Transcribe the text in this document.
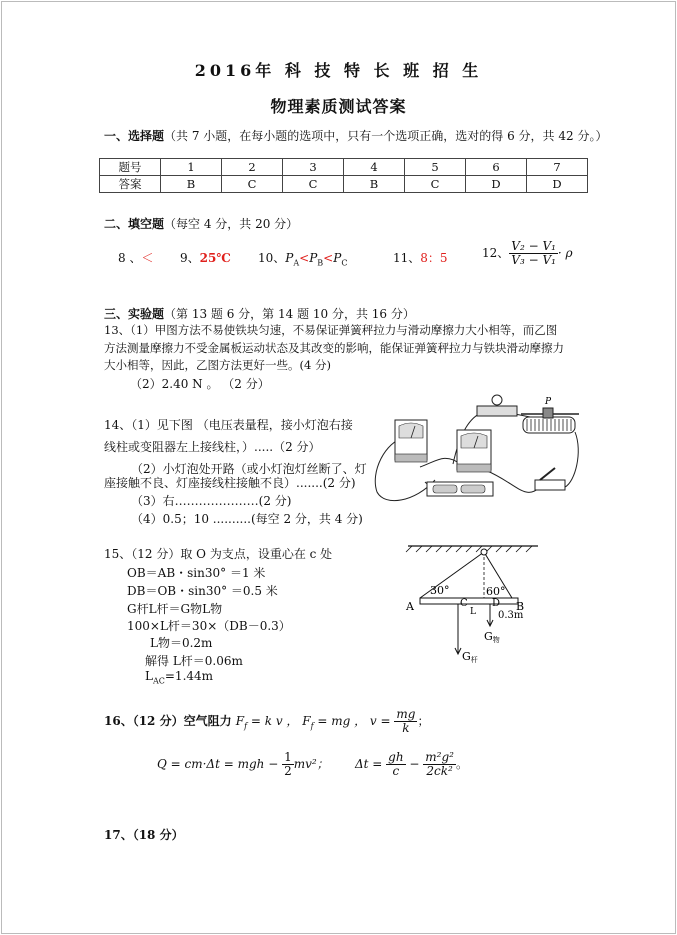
2016年 科 技 特 长 班 招 生
物理素质测试答案
一、选择题（共 7 小题，在每小题的选项中，只有一个选项正确，选对的得 6 分，共 42 分。）
题号	1	2	3	4	5	6	7
答案	B	C	C	B	C	D	D
二、填空题（每空 4 分，共 20 分）
8 、＜ 9、25℃ 10、$P_A<P_B<P_C$	11、8：5	12、 $\frac{\text{V₂ − V₁}}{\text{V₃ − V₁}} \cdot \rho$
三、实验题（第 13 题 6 分，第 14 题 10 分，共 16 分）
13、（1）甲图方法不易使铁块匀速，不易保证弹簧秤拉力与滑动摩擦力大小相等，而乙图
方法测量摩擦力不受金属板运动状态及其改变的影响，能保证弹簧秤拉力与铁块滑动摩擦力
大小相等，因此，乙图方法更好一些。(4 分)
（2）2.40 N 。 （2 分）
14、（1）见下图 （电压表量程，接小灯泡右接
线柱或变阻器左上接线柱，）.....（2 分）
（2）小灯泡处开路（或小灯泡灯丝断了、灯
座接触不良、灯座接线柱接触不良）.......(2 分)
（3）右…………………(2 分)
（4）0.5；10 ..........(每空 2 分，共 4 分)
P
15、（12 分）取 O 为支点，设重心在 c 处
OB＝AB・sin30° ＝1 米
DB＝OB・sin30° ＝0.5 米
G杆L杆＝G物L物
100×L杆＝30×（DB－0.3）
L物＝0.2m
解得 L杆＝0.06m
$L_{AC}=1.44m$
30°	60°
A	B
C D
L 0.3m
G物
G杆
16、（12 分）空气阻力 $F_f = k$ v ， $F_f$ = mg ， $v = \frac{mg}{k}$ ；
Q = cm·Δt = mgh − $\frac{1}{2} mv^2$； $\Delta t = \frac{gh}{c} - \frac{\text{m²g²}}{\text{2ck²}}$ 。
17、（18 分）
